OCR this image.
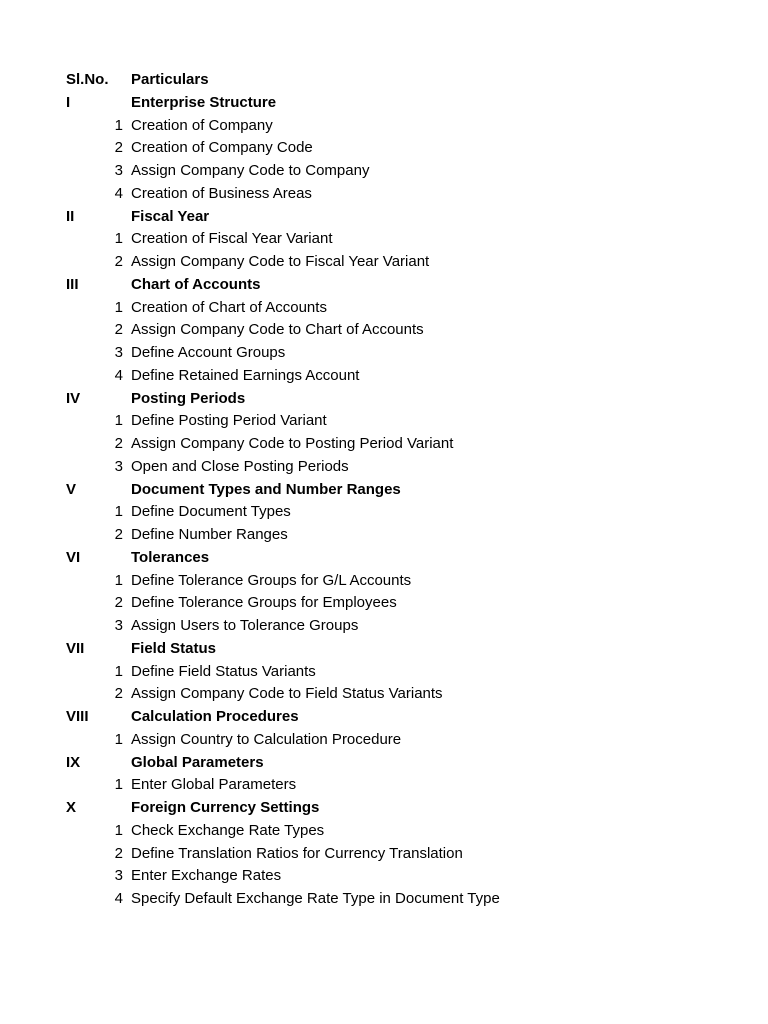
Sl.No.	Particulars
I	Enterprise Structure
1 Creation of Company
2 Creation of Company Code
3 Assign Company Code to Company
4 Creation of Business Areas
II	Fiscal Year
1 Creation of Fiscal Year Variant
2 Assign Company Code to Fiscal Year Variant
III	Chart of Accounts
1 Creation of Chart of Accounts
2 Assign Company Code to Chart of Accounts
3 Define Account Groups
4 Define Retained Earnings Account
IV	Posting Periods
1 Define Posting Period Variant
2 Assign Company Code to Posting Period Variant
3 Open and Close Posting Periods
V	Document Types and Number Ranges
1 Define Document Types
2 Define Number Ranges
VI	Tolerances
1 Define Tolerance Groups for G/L Accounts
2 Define Tolerance Groups for Employees
3 Assign Users to Tolerance Groups
VII	Field Status
1 Define Field Status Variants
2 Assign Company Code to Field Status Variants
VIII	Calculation Procedures
1 Assign Country to Calculation Procedure
IX	Global Parameters
1 Enter Global Parameters
X	Foreign Currency Settings
1 Check Exchange Rate Types
2 Define Translation Ratios for Currency Translation
3 Enter Exchange Rates
4 Specify Default Exchange Rate Type in Document Type
